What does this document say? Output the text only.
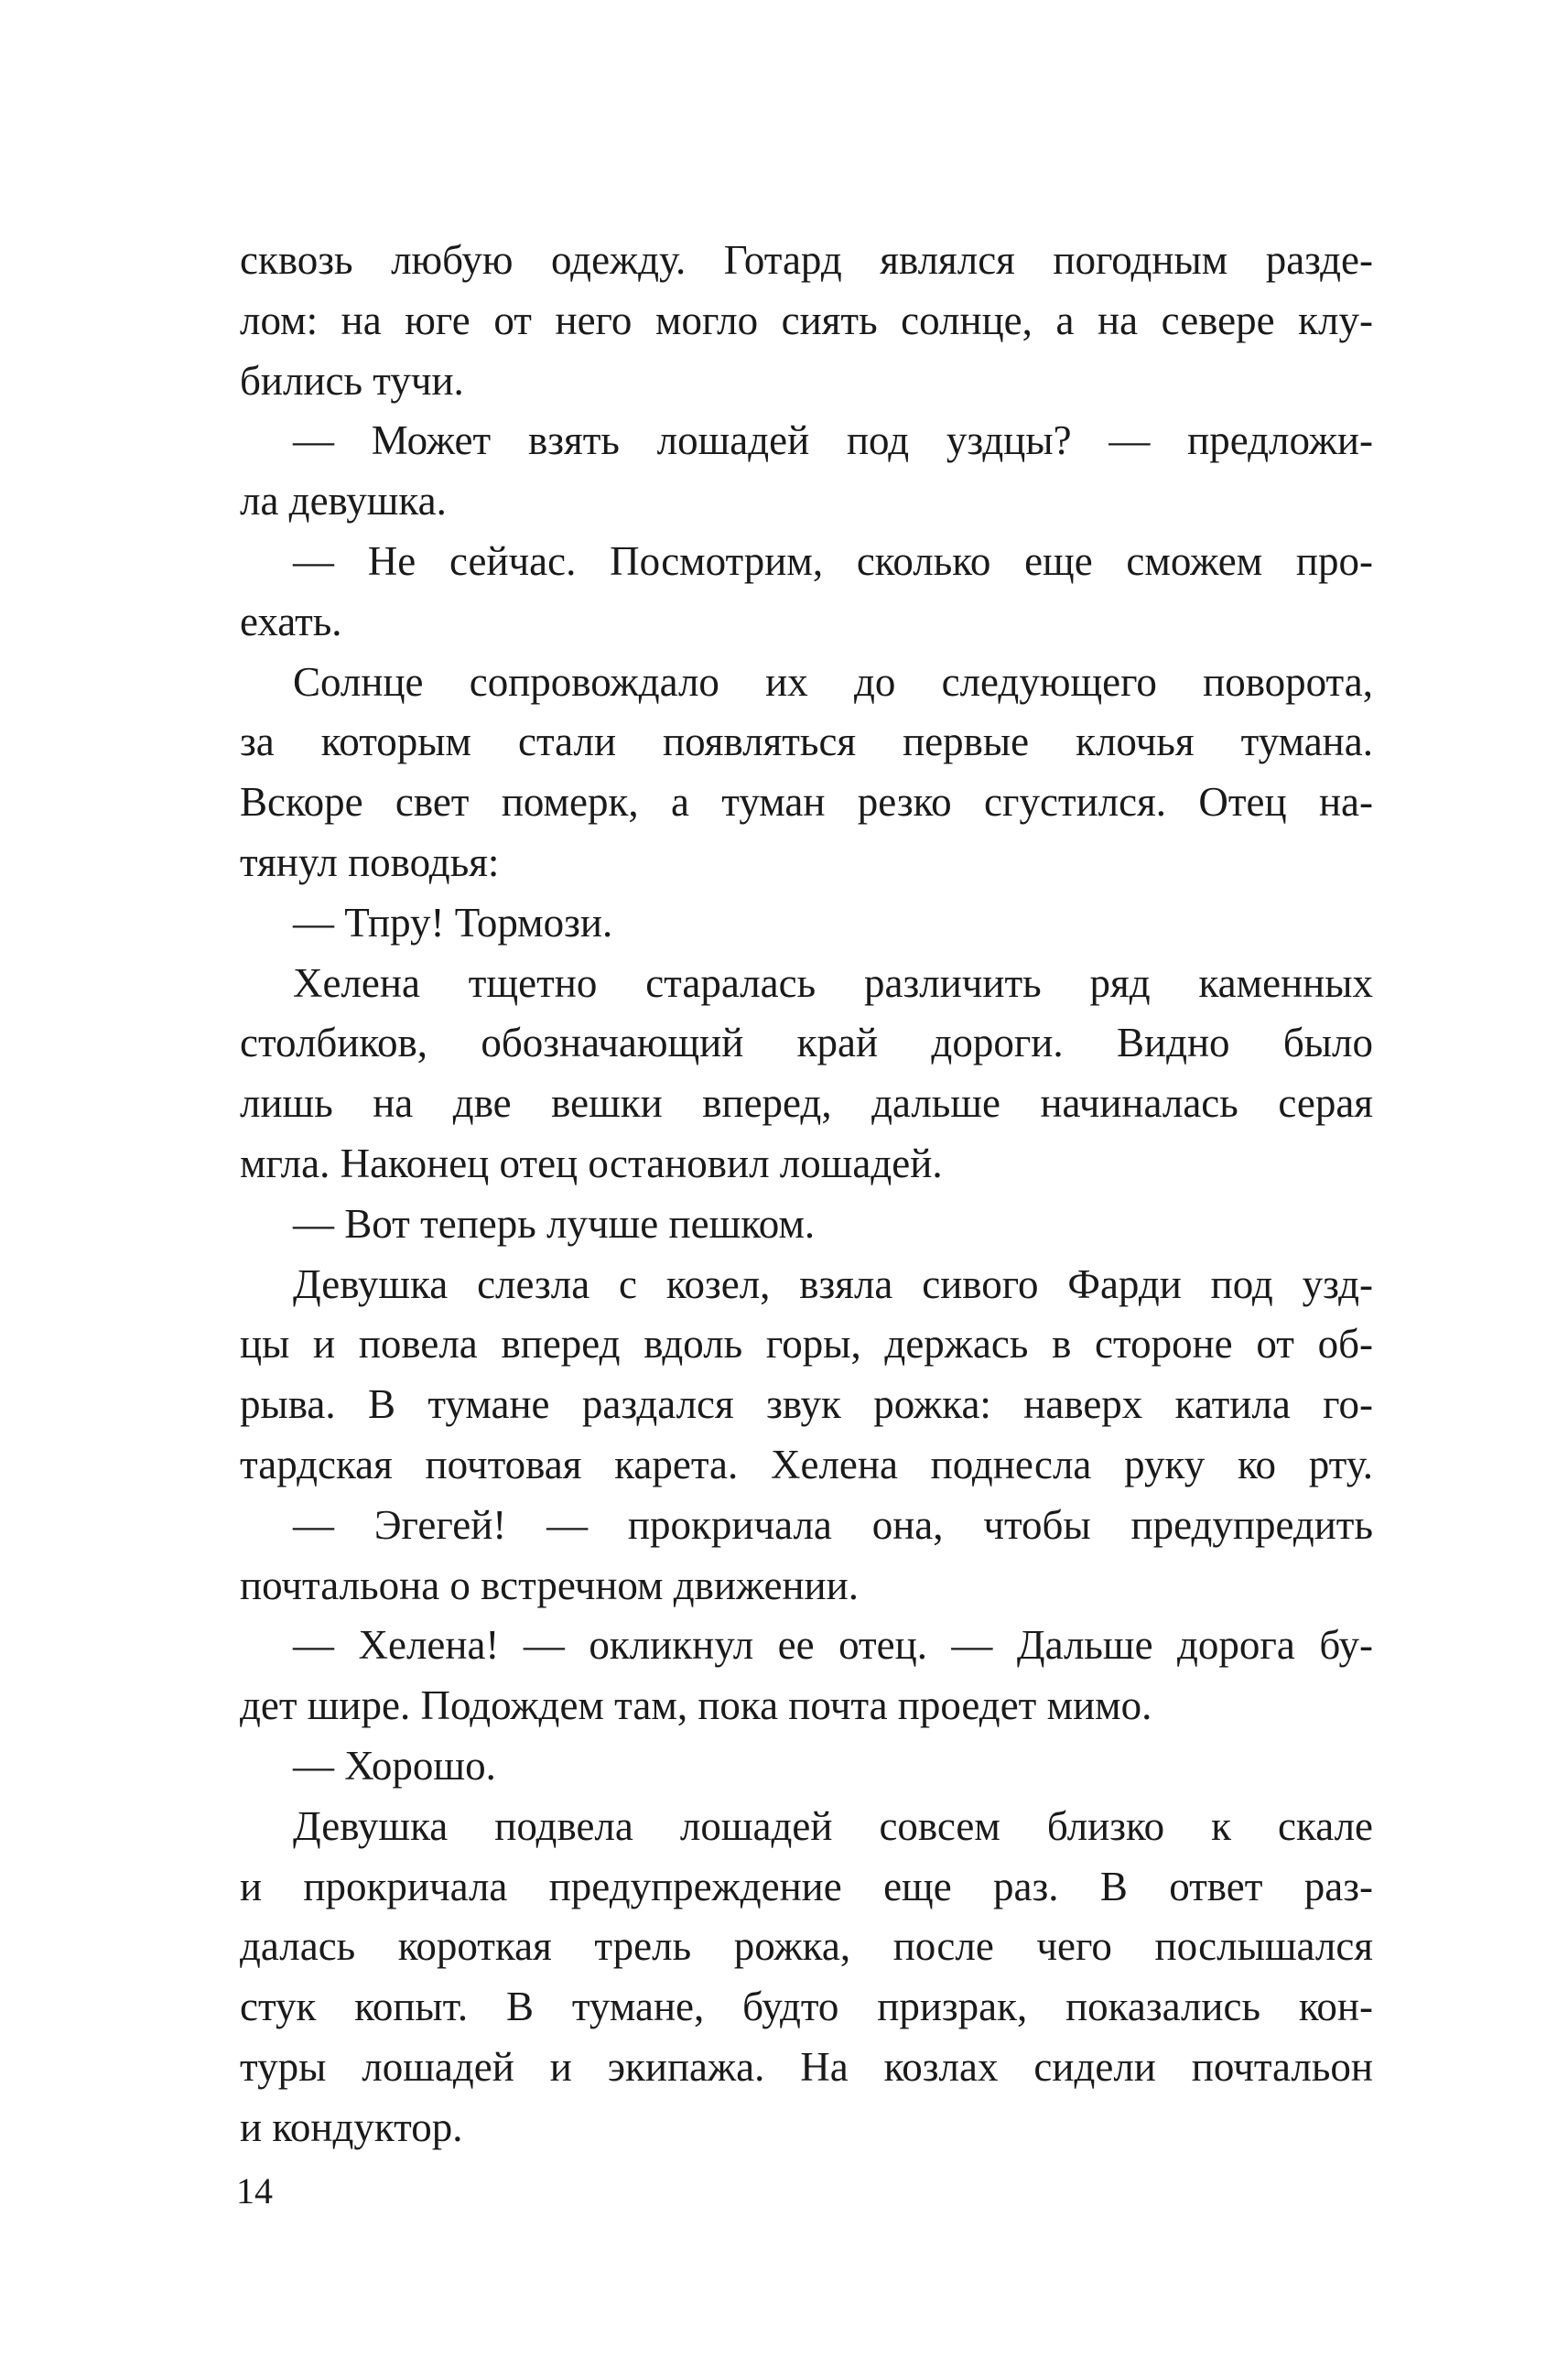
сквозь любую одежду. Готард являлся погодным разде-
лом: на юге от него могло сиять солнце, а на севере клу-
бились тучи.
— Может взять лошадей под уздцы? — предложи-
ла девушка.
— Не сейчас. Посмотрим, сколько еще сможем про-
ехать.
Солнце сопровождало их до следующего поворота,
за которым стали появляться первые клочья тумана.
Вскоре свет померк, а туман резко сгустился. Отец на-
тянул поводья:
— Тпру! Тормози.
Хелена тщетно старалась различить ряд каменных
столбиков, обозначающий край дороги. Видно было
лишь на две вешки вперед, дальше начиналась серая
мгла. Наконец отец остановил лошадей.
— Вот теперь лучше пешком.
Девушка слезла с козел, взяла сивого Фарди под узд-
цы и повела вперед вдоль горы, держась в стороне от об-
рыва. В тумане раздался звук рожка: наверх катила го-
тардская почтовая карета. Хелена поднесла руку ко рту.
— Эгегей! — прокричала она, чтобы предупредить
почтальона о встречном движении.
— Хелена! — окликнул ее отец. — Дальше дорога бу-
дет шире. Подождем там, пока почта проедет мимо.
— Хорошо.
Девушка подвела лошадей совсем близко к скале
и прокричала предупреждение еще раз. В ответ раз-
далась короткая трель рожка, после чего послышался
стук копыт. В тумане, будто призрак, показались кон-
туры лошадей и экипажа. На козлах сидели почтальон
и кондуктор.
14
